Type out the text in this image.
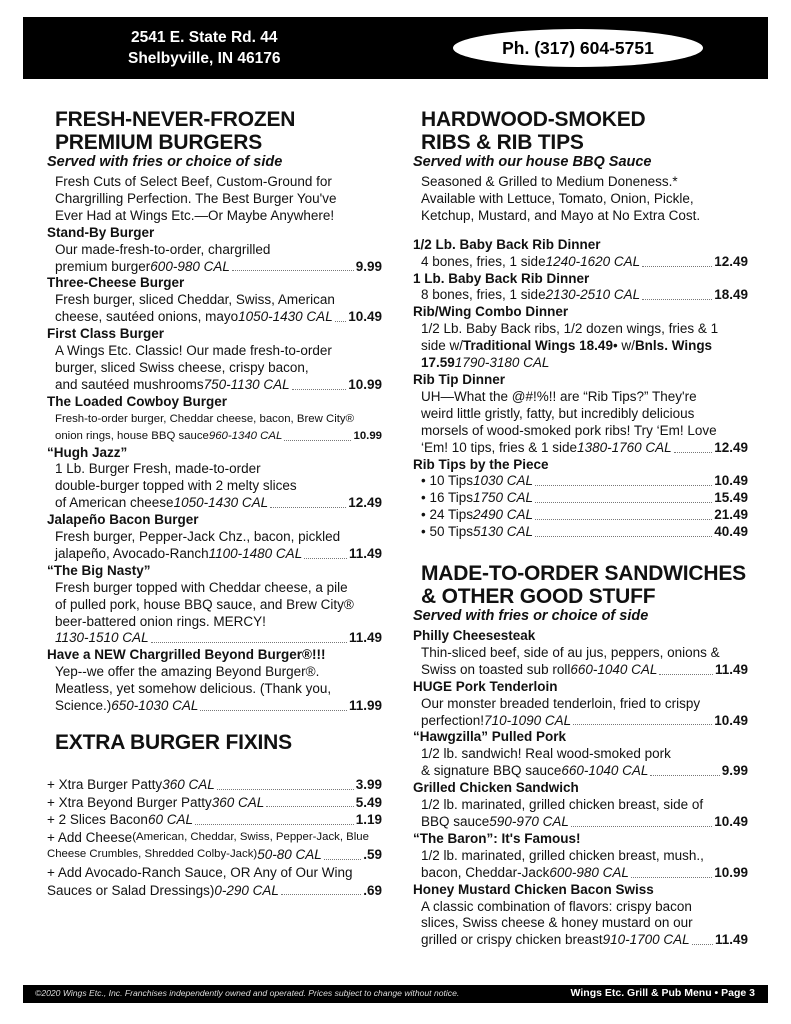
2541 E. State Rd. 44
Shelbyville, IN 46176
Ph. (317) 604-5751
FRESH-NEVER-FROZEN
PREMIUM BURGERS
Served with fries or choice of side
Fresh Cuts of Select Beef, Custom-Ground for
Chargrilling Perfection. The Best Burger You've
Ever Had at Wings Etc.—Or Maybe Anywhere!
Stand-By Burger
Our made-fresh-to-order, chargrilled
premium burger 600-980 CAL	9.99
Three-Cheese Burger
Fresh burger, sliced Cheddar, Swiss, American
cheese, sautéed onions, mayo 1050-1430 CAL 10.49
First Class Burger
A Wings Etc. Classic! Our made fresh-to-order
burger, sliced Swiss cheese, crispy bacon,
and sautéed mushrooms 750-1130 CAL	10.99
The Loaded Cowboy Burger
Fresh-to-order burger, Cheddar cheese, bacon, Brew City®
onion rings, house BBQ sauce 960-1340 CAL	10.99
“Hugh Jazz”
1 Lb. Burger Fresh, made-to-order
double-burger topped with 2 melty slices
of American cheese 1050-1430 CAL	12.49
Jalapeño Bacon Burger
Fresh burger, Pepper-Jack Chz., bacon, pickled
jalapeño, Avocado-Ranch 1100-1480 CAL	11.49
“The Big Nasty”
Fresh burger topped with Cheddar cheese, a pile
of pulled pork, house BBQ sauce, and Brew City®
beer-battered onion rings. MERCY!
1130-1510 CAL	11.49
Have a NEW Chargrilled Beyond Burger®!!!
Yep--we offer the amazing Beyond Burger®.
Meatless, yet somehow delicious. (Thank you,
Science.) 650-1030 CAL	11.99
EXTRA BURGER FIXINS
+ Xtra Burger Patty 360 CAL	3.99
+ Xtra Beyond Burger Patty 360 CAL	5.49
+ 2 Slices Bacon 60 CAL	1.19
+ Add Cheese (American, Cheddar, Swiss, Pepper-Jack, Blue
Cheese Crumbles, Shredded Colby-Jack) 50-80 CAL	.59
+ Add Avocado-Ranch Sauce, OR Any of Our Wing
Sauces or Salad Dressings) 0-290 CAL	.69
HARDWOOD-SMOKED
RIBS & RIB TIPS
Served with our house BBQ Sauce
Seasoned & Grilled to Medium Doneness.*
Available with Lettuce, Tomato, Onion, Pickle,
Ketchup, Mustard, and Mayo at No Extra Cost.
1/2 Lb. Baby Back Rib Dinner
4 bones, fries, 1 side 1240-1620 CAL	12.49
1 Lb. Baby Back Rib Dinner
8 bones, fries, 1 side 2130-2510 CAL	18.49
Rib/Wing Combo Dinner
1/2 Lb. Baby Back ribs, 1/2 dozen wings, fries & 1
side w/ Traditional Wings 18.49 • w/ Bnls. Wings
17.59 1790-3180 CAL
Rib Tip Dinner
UH—What the @#!%!! are “Rib Tips?” They're
weird little gristly, fatty, but incredibly delicious
morsels of wood-smoked pork ribs! Try ‘Em! Love
‘Em! 10 tips, fries & 1 side 1380-1760 CAL	12.49
Rib Tips by the Piece
• 10 Tips 1030 CAL	10.49
• 16 Tips 1750 CAL	15.49
• 24 Tips 2490 CAL	21.49
• 50 Tips 5130 CAL	40.49
MADE-TO-ORDER SANDWICHES
& OTHER GOOD STUFF
Served with fries or choice of side
Philly Cheesesteak
Thin-sliced beef, side of au jus, peppers, onions &
Swiss on toasted sub roll 660-1040 CAL	11.49
HUGE Pork Tenderloin
Our monster breaded tenderloin, fried to crispy
perfection! 710-1090 CAL	10.49
“Hawgzilla” Pulled Pork
1/2 lb. sandwich! Real wood-smoked pork
& signature BBQ sauce 660-1040 CAL	9.99
Grilled Chicken Sandwich
1/2 lb. marinated, grilled chicken breast, side of
BBQ sauce 590-970 CAL	10.49
“The Baron”: It's Famous!
1/2 lb. marinated, grilled chicken breast, mush.,
bacon, Cheddar-Jack 600-980 CAL	10.99
Honey Mustard Chicken Bacon Swiss
A classic combination of flavors: crispy bacon
slices, Swiss cheese & honey mustard on our
grilled or crispy chicken breast 910-1700 CAL 11.49
©2020 Wings Etc., Inc. Franchises independently owned and operated. Prices subject to change without notice.	Wings Etc. Grill & Pub Menu • Page 3
